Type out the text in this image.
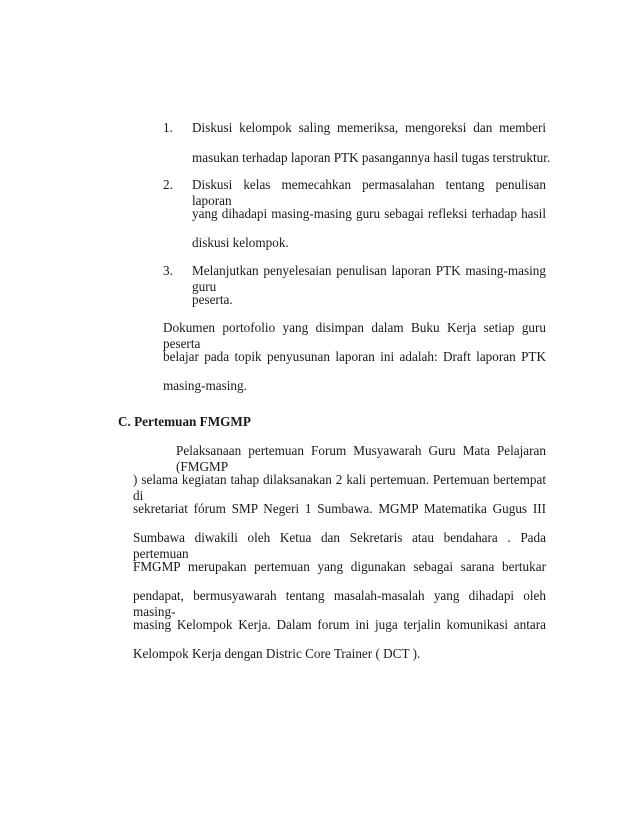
1. Diskusi kelompok saling memeriksa, mengoreksi dan memberi
masukan terhadap laporan PTK pasangannya hasil tugas terstruktur.
2. Diskusi kelas memecahkan permasalahan tentang penulisan laporan
yang dihadapi masing-masing guru sebagai refleksi terhadap hasil
diskusi kelompok.
3. Melanjutkan penyelesaian penulisan laporan PTK masing-masing guru
peserta.
Dokumen portofolio yang disimpan dalam Buku Kerja setiap guru peserta
belajar pada topik penyusunan laporan ini adalah: Draft laporan PTK
masing-masing.
C. Pertemuan FMGMP
Pelaksanaan pertemuan Forum Musyawarah Guru Mata Pelajaran (FMGMP
) selama kegiatan tahap dilaksanakan 2 kali pertemuan. Pertemuan bertempat di
sekretariat fórum SMP Negeri 1 Sumbawa. MGMP Matematika Gugus III
Sumbawa diwakili oleh Ketua dan Sekretaris atau bendahara . Pada pertemuan
FMGMP merupakan pertemuan yang digunakan sebagai sarana bertukar
pendapat, bermusyawarah tentang masalah-masalah yang dihadapi oleh masing-
masing Kelompok Kerja. Dalam forum ini juga terjalin komunikasi antara
Kelompok Kerja dengan Distric Core Trainer ( DCT ).
